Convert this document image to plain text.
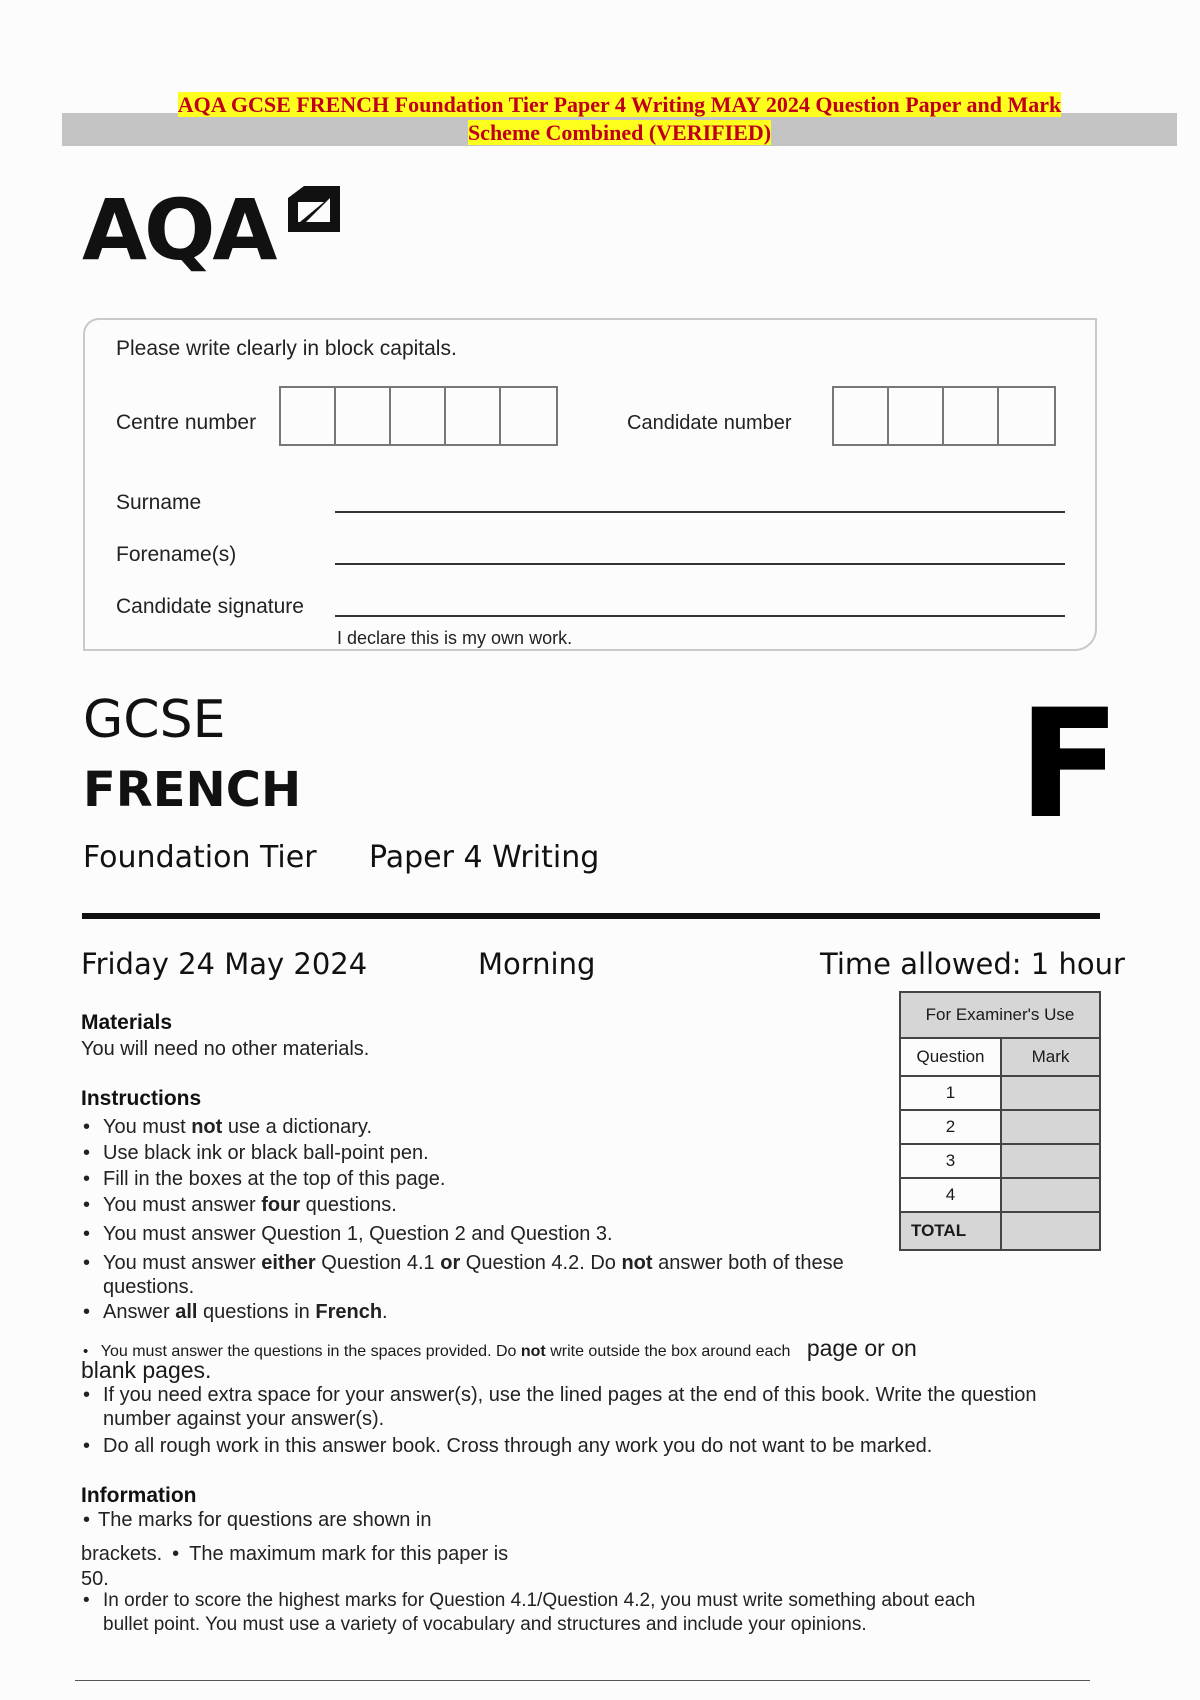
AQA GCSE FRENCH Foundation Tier Paper 4 Writing MAY 2024 Question Paper and Mark
Scheme Combined (VERIFIED)
AQA
Please write clearly in block capitals.
Centre number	Candidate number
Surname
Forename(s)
Candidate signature
I declare this is my own work.
GCSE
FRENCH
Foundation Tier Paper 4 Writing
F
Friday 24 May 2024	Morning	Time allowed: 1 hour
Materials
You will need no other materials.
Instructions
• You must not use a dictionary.
• Use black ink or black ball-point pen.
• Fill in the boxes at the top of this page.
• You must answer four questions.
• You must answer Question 1, Question 2 and Question 3.
• You must answer either Question 4.1 or Question 4.2. Do not answer both of these questions.
• Answer all questions in French.
•   You must answer the questions in the spaces provided. Do not write outside the box around each page or on
blank pages.
• If you need extra space for your answer(s), use the lined pages at the end of this book. Write the question number against your answer(s).
• Do all rough work in this answer book. Cross through any work you do not want to be marked.
Information
• The marks for questions are shown in
brackets. • The maximum mark for this paper is
50.
• In order to score the highest marks for Question 4.1/Question 4.2, you must write something about each bullet point. You must use a variety of vocabulary and structures and include your opinions.
For Examiner's Use	
Question	Mark
1	
2	
3	
4	
TOTAL	
